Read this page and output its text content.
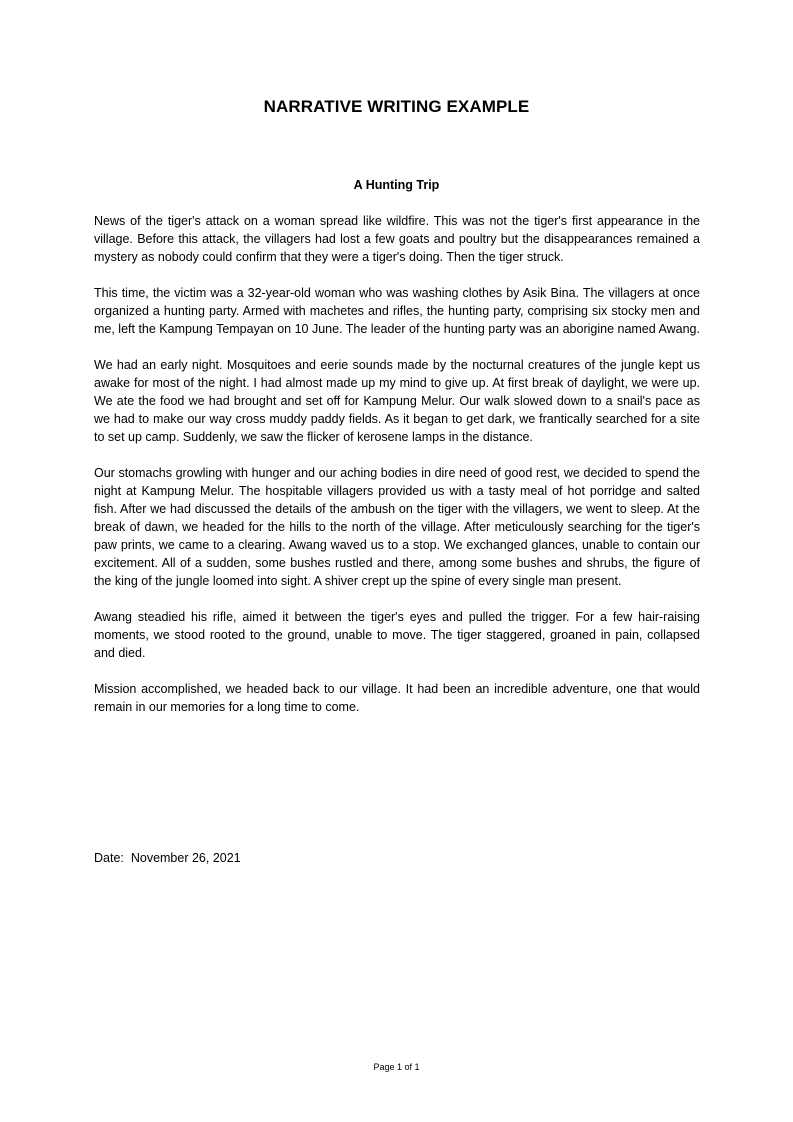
NARRATIVE WRITING EXAMPLE
A Hunting Trip

News of the tiger's attack on a woman spread like wildfire. This was not the tiger's first appearance in the village. Before this attack, the villagers had lost a few goats and poultry but the disappearances remained a mystery as nobody could confirm that they were a tiger's doing. Then the tiger struck.

This time, the victim was a 32-year-old woman who was washing clothes by Asik Bina. The villagers at once organized a hunting party. Armed with machetes and rifles, the hunting party, comprising six stocky men and me, left the Kampung Tempayan on 10 June. The leader of the hunting party was an aborigine named Awang.

We had an early night. Mosquitoes and eerie sounds made by the nocturnal creatures of the jungle kept us awake for most of the night. I had almost made up my mind to give up. At first break of daylight, we were up. We ate the food we had brought and set off for Kampung Melur. Our walk slowed down to a snail's pace as we had to make our way cross muddy paddy fields. As it began to get dark, we frantically searched for a site to set up camp. Suddenly, we saw the flicker of kerosene lamps in the distance.

Our stomachs growling with hunger and our aching bodies in dire need of good rest, we decided to spend the night at Kampung Melur. The hospitable villagers provided us with a tasty meal of hot porridge and salted fish. After we had discussed the details of the ambush on the tiger with the villagers, we went to sleep. At the break of dawn, we headed for the hills to the north of the village. After meticulously searching for the tiger's paw prints, we came to a clearing. Awang waved us to a stop. We exchanged glances, unable to contain our excitement. All of a sudden, some bushes rustled and there, among some bushes and shrubs, the figure of the king of the jungle loomed into sight. A shiver crept up the spine of every single man present.

Awang steadied his rifle, aimed it between the tiger's eyes and pulled the trigger. For a few hair-raising moments, we stood rooted to the ground, unable to move. The tiger staggered, groaned in pain, collapsed and died.

Mission accomplished, we headed back to our village. It had been an incredible adventure, one that would remain in our memories for a long time to come.

Date: November 26, 2021
Page 1 of 1
